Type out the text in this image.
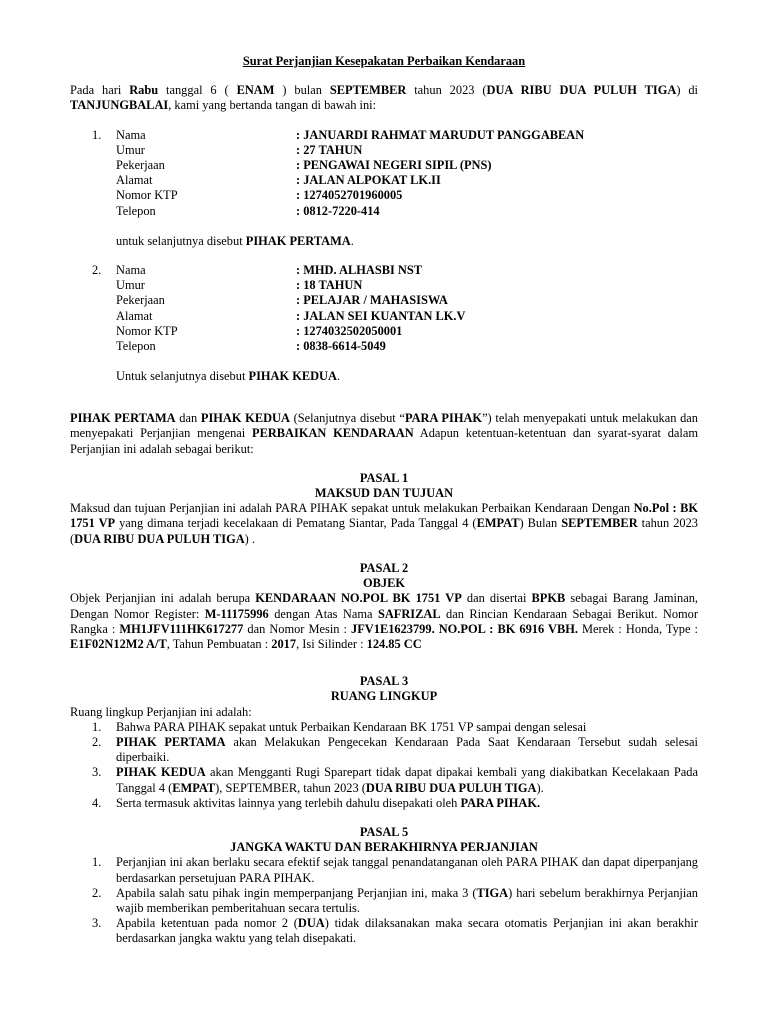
Surat Perjanjian Kesepakatan Perbaikan Kendaraan
Pada hari Rabu tanggal 6 ( ENAM ) bulan SEPTEMBER tahun 2023 (DUA RIBU DUA PULUH TIGA) di TANJUNGBALAI, kami yang bertanda tangan di bawah ini:
1. Nama	: JANUARDI RAHMAT MARUDUT PANGGABEAN
Umur	: 27 TAHUN
Pekerjaan	: PENGAWAI NEGERI SIPIL (PNS)
Alamat	: JALAN ALPOKAT LK.II
Nomor KTP	: 1274052701960005
Telepon	: 0812-7220-414
untuk selanjutnya disebut PIHAK PERTAMA.
2. Nama	: MHD. ALHASBI NST
Umur	: 18 TAHUN
Pekerjaan	: PELAJAR / MAHASISWA
Alamat	: JALAN SEI KUANTAN LK.V
Nomor KTP	: 1274032502050001
Telepon	: 0838-6614-5049
Untuk selanjutnya disebut PIHAK KEDUA.
PIHAK PERTAMA dan PIHAK KEDUA (Selanjutnya disebut “PARA PIHAK”) telah menyepakati untuk melakukan dan menyepakati Perjanjian mengenai PERBAIKAN KENDARAAN Adapun ketentuan-ketentuan dan syarat-syarat dalam Perjanjian ini adalah sebagai berikut:
PASAL 1
MAKSUD DAN TUJUAN
Maksud dan tujuan Perjanjian ini adalah PARA PIHAK sepakat untuk melakukan Perbaikan Kendaraan Dengan No.Pol : BK 1751 VP yang dimana terjadi kecelakaan di Pematang Siantar, Pada Tanggal 4 (EMPAT) Bulan SEPTEMBER tahun 2023 (DUA RIBU DUA PULUH TIGA) .
PASAL 2
OBJEK
Objek Perjanjian ini adalah berupa KENDARAAN NO.POL BK 1751 VP dan disertai BPKB sebagai Barang Jaminan, Dengan Nomor Register: M-11175996 dengan Atas Nama SAFRIZAL dan Rincian Kendaraan Sebagai Berikut. Nomor Rangka : MH1JFV111HK617277 dan Nomor Mesin : JFV1E1623799. NO.POL : BK 6916 VBH. Merek : Honda, Type : E1F02N12M2 A/T, Tahun Pembuatan : 2017, Isi Silinder : 124.85 CC
PASAL 3
RUANG LINGKUP
Ruang lingkup Perjanjian ini adalah:
1. Bahwa PARA PIHAK sepakat untuk Perbaikan Kendaraan BK 1751 VP sampai dengan selesai
2. PIHAK PERTAMA akan Melakukan Pengecekan Kendaraan Pada Saat Kendaraan Tersebut sudah selesai diperbaiki.
3. PIHAK KEDUA akan Mengganti Rugi Sparepart tidak dapat dipakai kembali yang diakibatkan Kecelakaan Pada Tanggal 4 (EMPAT), SEPTEMBER, tahun 2023 (DUA RIBU DUA PULUH TIGA).
4. Serta termasuk aktivitas lainnya yang terlebih dahulu disepakati oleh PARA PIHAK.
PASAL 5
JANGKA WAKTU DAN BERAKHIRNYA PERJANJIAN
1. Perjanjian ini akan berlaku secara efektif sejak tanggal penandatanganan oleh PARA PIHAK dan dapat diperpanjang berdasarkan persetujuan PARA PIHAK.
2. Apabila salah satu pihak ingin memperpanjang Perjanjian ini, maka 3 (TIGA) hari sebelum berakhirnya Perjanjian wajib memberikan pemberitahuan secara tertulis.
3. Apabila ketentuan pada nomor 2 (DUA) tidak dilaksanakan maka secara otomatis Perjanjian ini akan berakhir berdasarkan jangka waktu yang telah disepakati.
